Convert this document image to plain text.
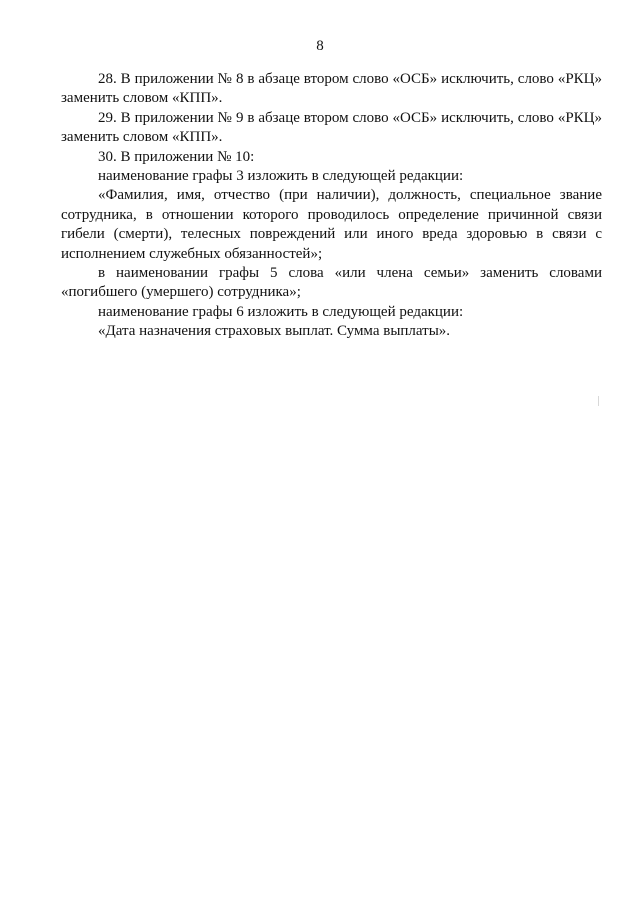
8

28. В приложении № 8 в абзаце втором слово «ОСБ» исключить, слово «РКЦ» заменить словом «КПП».

29. В приложении № 9 в абзаце втором слово «ОСБ» исключить, слово «РКЦ» заменить словом «КПП».

30. В приложении № 10:

наименование графы 3 изложить в следующей редакции:

«Фамилия, имя, отчество (при наличии), должность, специальное звание сотрудника, в отношении которого проводилось определение причинной связи гибели (смерти), телесных повреждений или иного вреда здоровью в связи с исполнением служебных обязанностей»;

в наименовании графы 5 слова «или члена семьи» заменить словами «погибшего (умершего) сотрудника»;

наименование графы 6 изложить в следующей редакции:

«Дата назначения страховых выплат. Сумма выплаты».
